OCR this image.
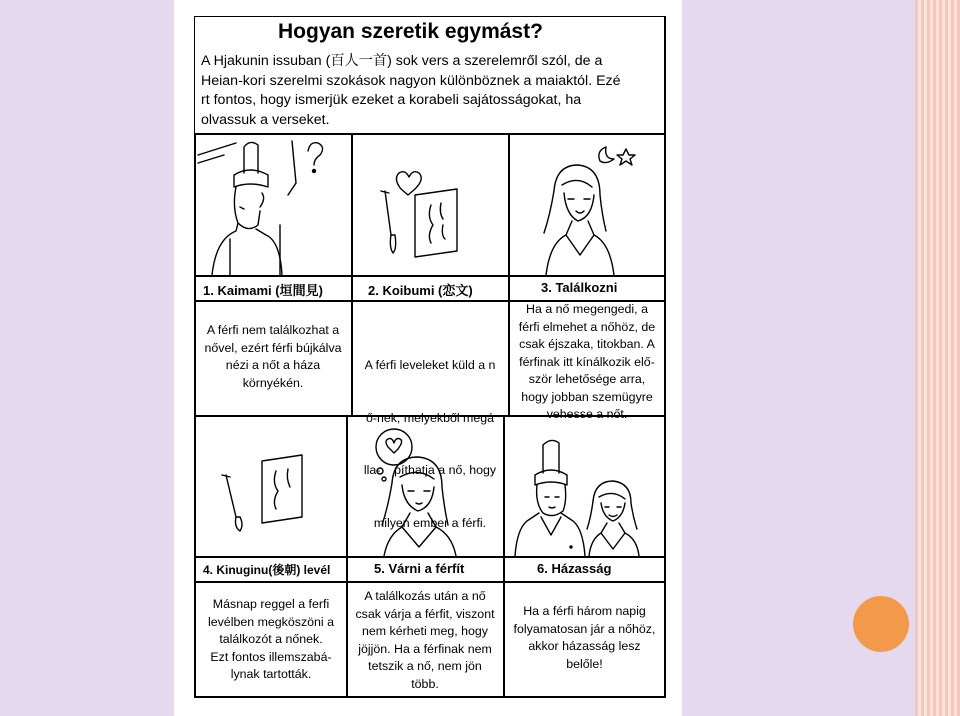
Hogyan szeretik egymást?
A Hjakunin issuban (百人一首) sok vers a szerelemről szól, de a
Heian-kori szerelmi szokások nagyon különböznek a maiaktól. Ezé
rt fontos, hogy ismerjük ezeket a korabeli sajátosságokat, ha
olvassuk a verseket.
1. Kaimami (垣間見)	2. Koibumi (恋文)	3. Találkozni
4. Kinuginu(後朝) levél	5. Várni a férfít	6. Házasság
A férfi nem találkozhat a
nővel, ezért férfi bújkálva
nézi a nőt a háza
környékén.

A férfi leveleket küld a n

ő-nek, melyekből megá

lla-    píthatja a nő, hogy

milyen ember a férfi.

Ha a nő megengedi, a
férfi elmehet a nőhöz, de
csak éjszaka, titokban. A
férfinak itt kínálkozik elő-
ször lehetősége arra,
hogy jobban szemügyre
vehesse a nőt.
Másnap reggel a ferfi
levélben megköszöni a
találkozót a nőnek.
Ezt fontos illemszabá-
lynak tartották.
A találkozás után a nő
csak várja a férfit, viszont
nem kérheti meg, hogy
jöjjön. Ha a férfinak nem
tetszik a nő, nem jön
több.
Ha a férfi három napig
folyamatosan jár a nőhöz,
akkor házasság lesz
belőle!
